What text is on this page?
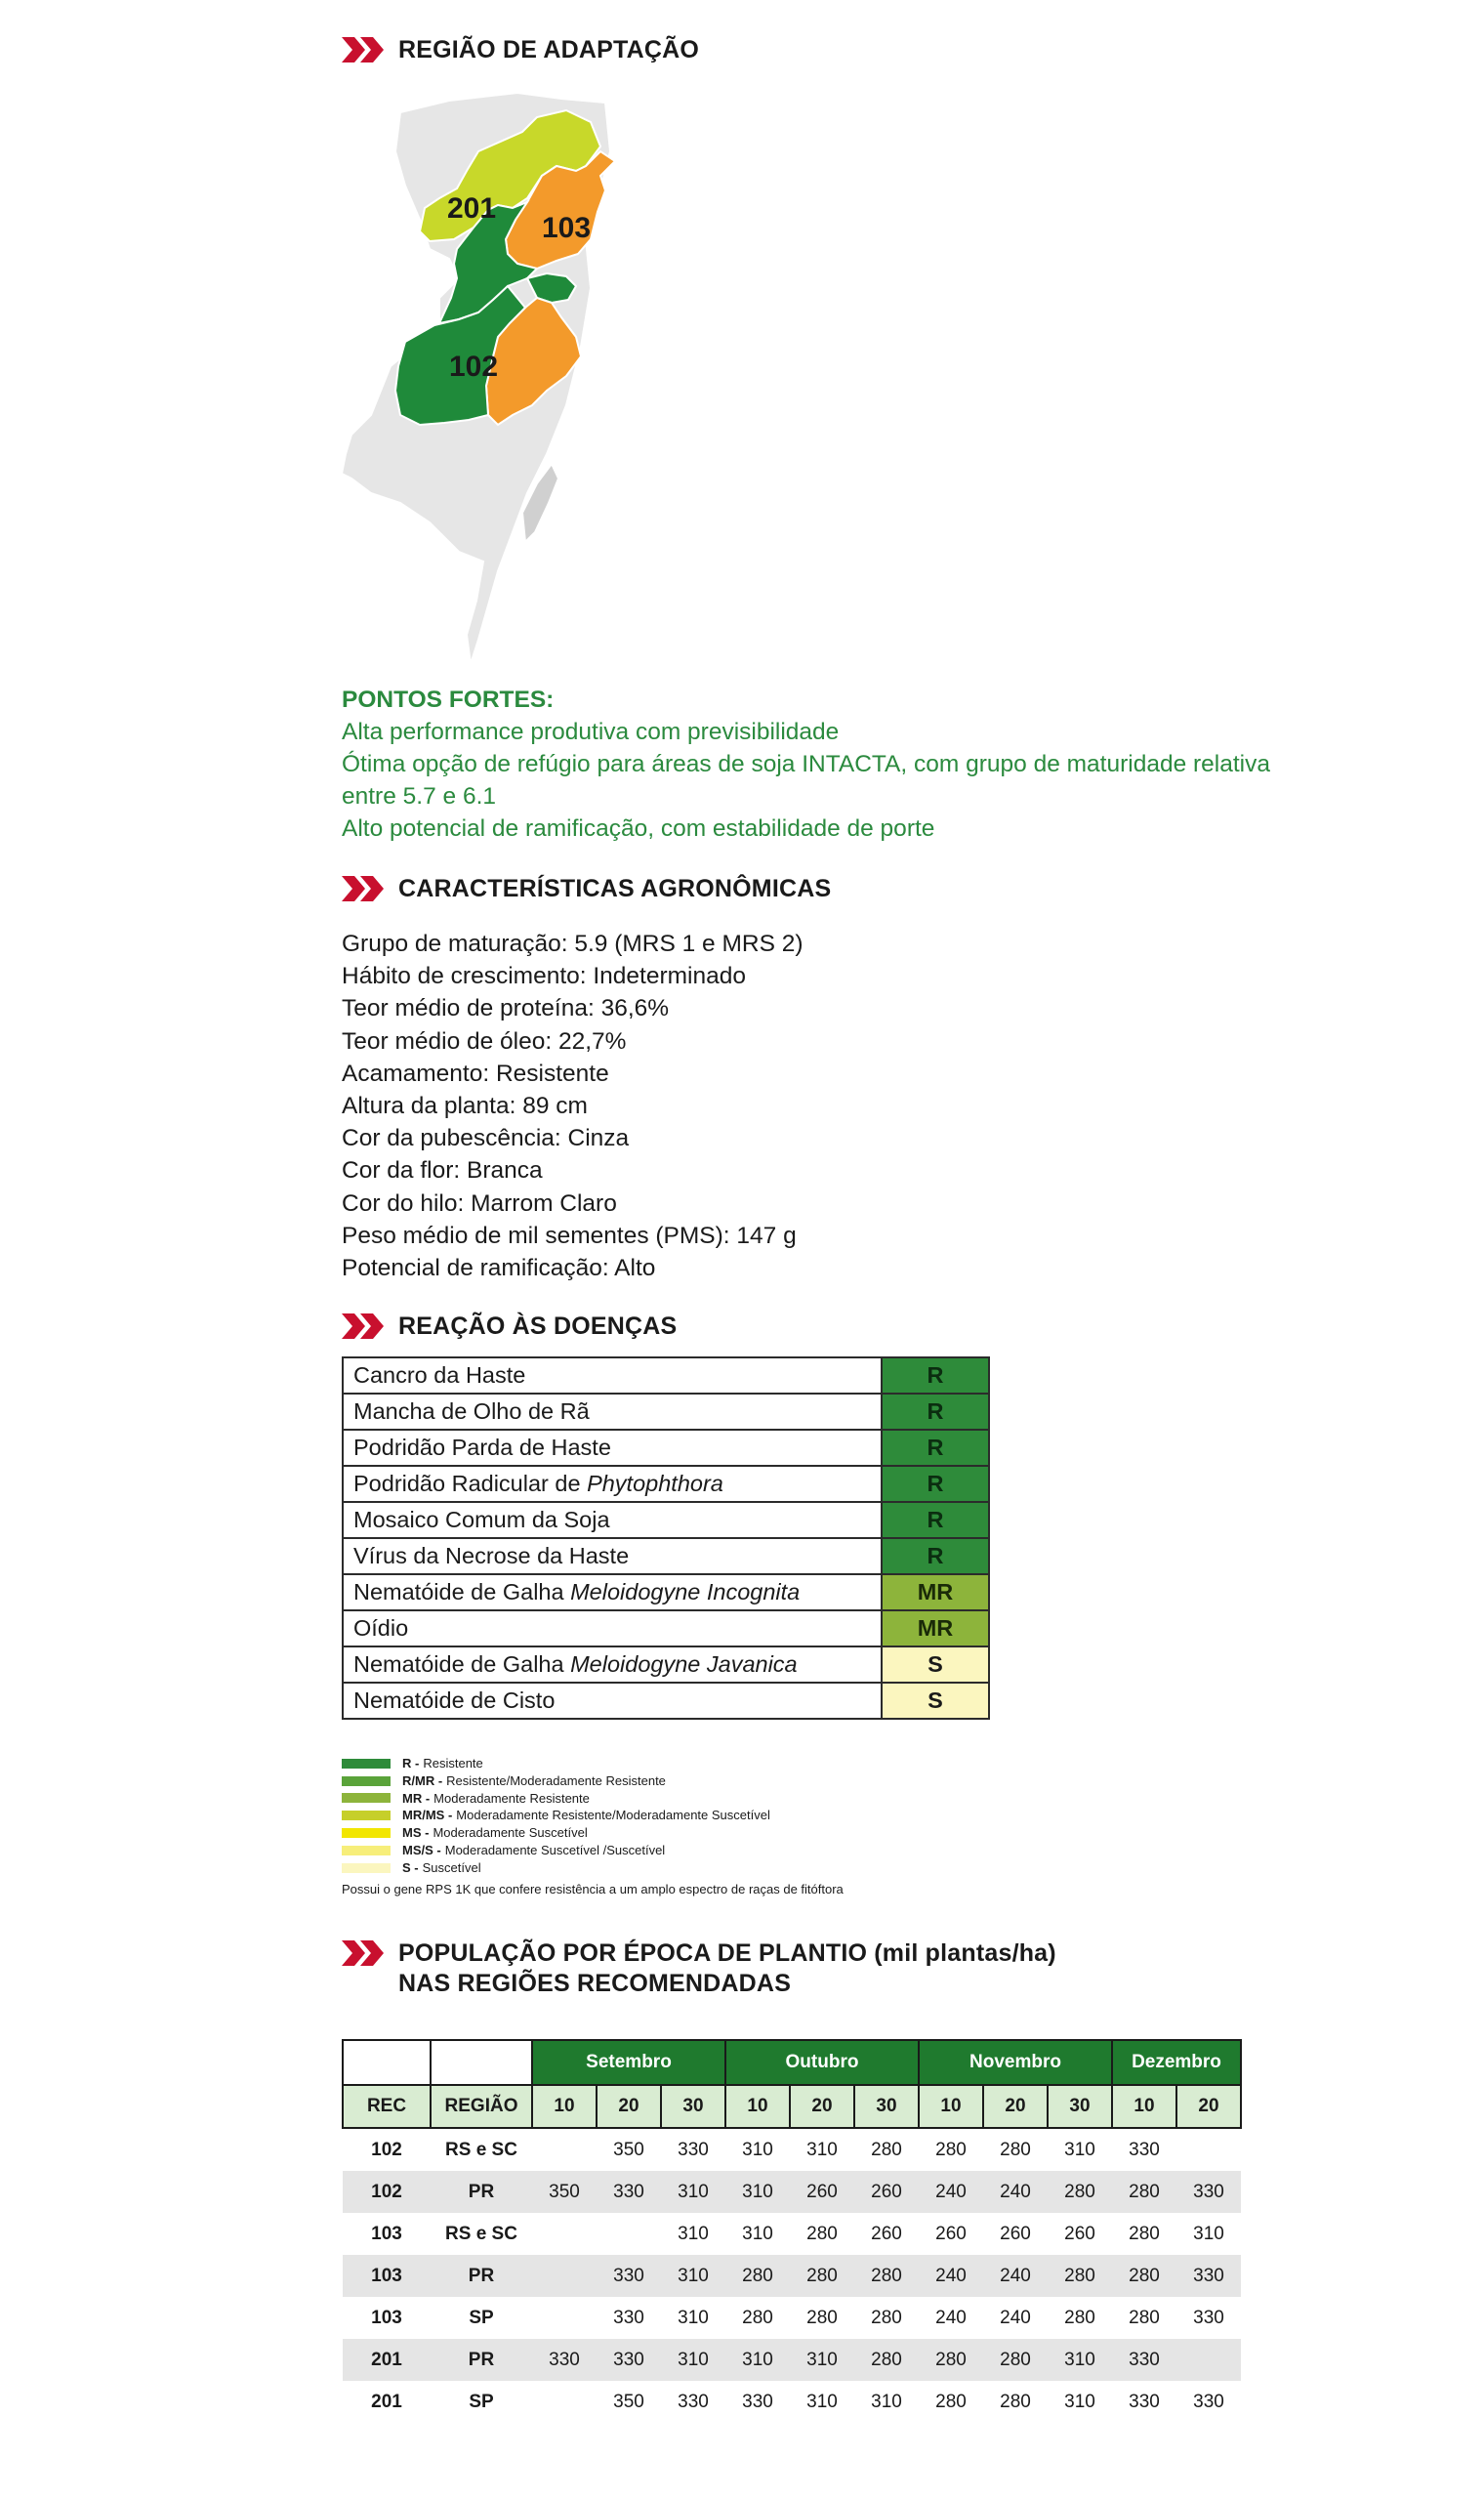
REGIÃO DE ADAPTAÇÃO
201
103
102
PONTOS FORTES:
Alta performance produtiva com previsibilidade
Ótima opção de refúgio para áreas de soja INTACTA, com grupo de maturidade relativa
entre 5.7 e 6.1
Alto potencial de ramificação, com estabilidade de porte
CARACTERÍSTICAS AGRONÔMICAS
Grupo de maturação: 5.9 (MRS 1 e MRS 2)
Hábito de crescimento: Indeterminado
Teor médio de proteína: 36,6%
Teor médio de óleo: 22,7%
Acamamento: Resistente
Altura da planta: 89 cm
Cor da pubescência: Cinza
Cor da flor: Branca
Cor do hilo: Marrom Claro
Peso médio de mil sementes (PMS): 147 g
Potencial de ramificação: Alto
REAÇÃO ÀS DOENÇAS
Cancro da Haste	R
Mancha de Olho de Rã	R
Podridão Parda de Haste	R
Podridão Radicular de Phytophthora	R
Mosaico Comum da Soja	R
Vírus da Necrose da Haste	R
Nematóide de Galha Meloidogyne Incognita	MR
Oídio	MR
Nematóide de Galha Meloidogyne Javanica	S
Nematóide de Cisto	S
R - Resistente
R/MR - Resistente/Moderadamente Resistente
MR - Moderadamente Resistente
MR/MS - Moderadamente Resistente/Moderadamente Suscetível
MS - Moderadamente Suscetível
MS/S - Moderadamente Suscetível /Suscetível
S - Suscetível
Possui o gene RPS 1K que confere resistência a um amplo espectro de raças de fitóftora
POPULAÇÃO POR ÉPOCA DE PLANTIO (mil plantas/ha)
NAS REGIÕES RECOMENDADAS
		Setembro			Outubro			Novembro			Dezembro	
REC	REGIÃO	10	20	30	10	20	30	10	20	30	10	20
102	RS e SC		350	330	310	310	280	280	280	310	330	
102	PR	350	330	310	310	260	260	240	240	280	280	330
103	RS e SC			310	310	280	260	260	260	260	280	310
103	PR		330	310	280	280	280	240	240	280	280	330
103	SP		330	310	280	280	280	240	240	280	280	330
201	PR	330	330	310	310	310	280	280	280	310	330	
201	SP		350	330	330	310	310	280	280	310	330	330
